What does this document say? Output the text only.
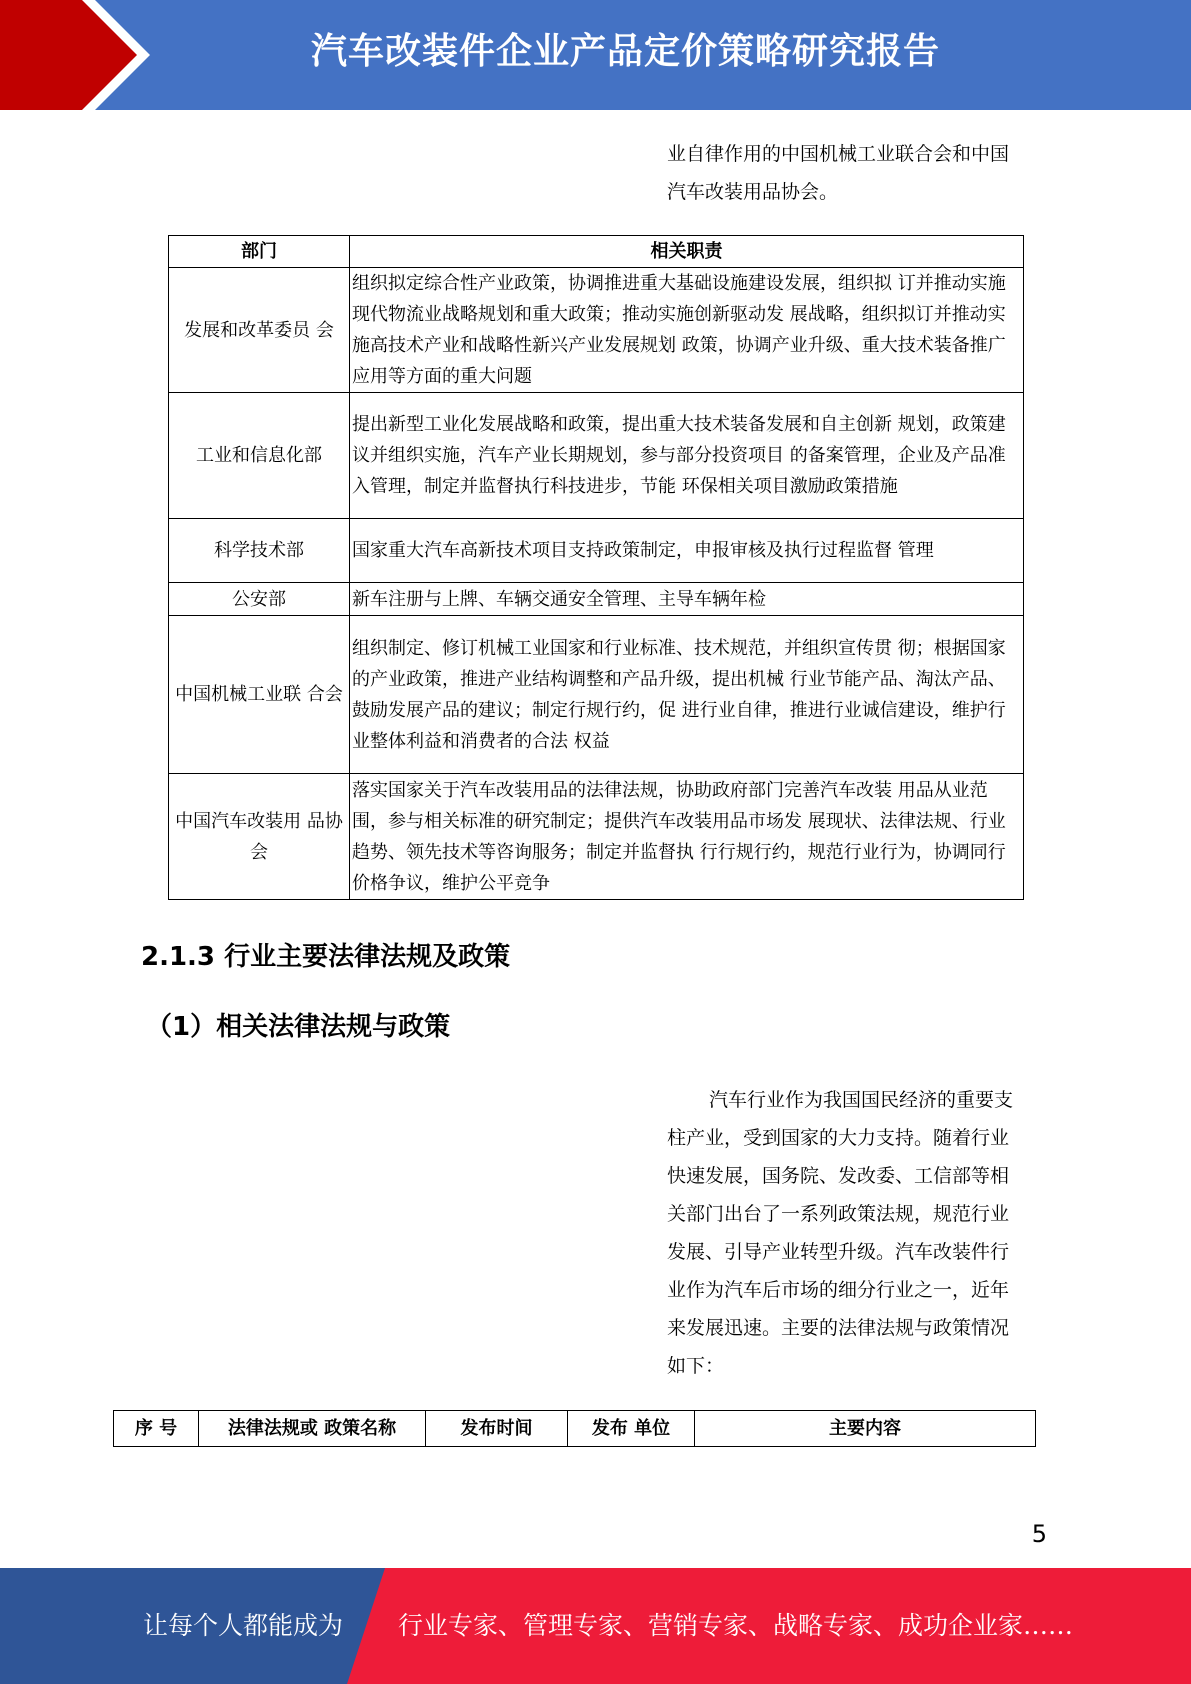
汽车改装件企业产品定价策略研究报告
业自律作用的中国机械工业联合会和中国
汽车改装用品协会。
部门	相关职责
发展和改革委员 会	组织拟定综合性产业政策，协调推进重大基础设施建设发展，组织拟 订并推动实施现代物流业战略规划和重大政策；推动实施创新驱动发 展战略，组织拟订并推动实施高技术产业和战略性新兴产业发展规划 政策，协调产业升级、重大技术装备推广应用等方面的重大问题
工业和信息化部	提出新型工业化发展战略和政策，提出重大技术装备发展和自主创新 规划，政策建议并组织实施，汽车产业长期规划，参与部分投资项目 的备案管理，企业及产品准入管理，制定并监督执行科技进步，节能 环保相关项目激励政策措施
科学技术部	国家重大汽车高新技术项目支持政策制定，申报审核及执行过程监督 管理
公安部	新车注册与上牌、车辆交通安全管理、主导车辆年检
中国机械工业联 合会	组织制定、修订机械工业国家和行业标准、技术规范，并组织宣传贯 彻；根据国家的产业政策，推进产业结构调整和产品升级，提出机械 行业节能产品、淘汰产品、鼓励发展产品的建议；制定行规行约，促 进行业自律，推进行业诚信建设，维护行业整体利益和消费者的合法 权益
中国汽车改装用 品协会	落实国家关于汽车改装用品的法律法规，协助政府部门完善汽车改装 用品从业范围，参与相关标准的研究制定；提供汽车改装用品市场发 展现状、法律法规、行业趋势、领先技术等咨询服务；制定并监督执 行行规行约，规范行业行为，协调同行价格争议，维护公平竞争
2.1.3 行业主要法律法规及政策
（1）相关法律法规与政策
汽车行业作为我国国民经济的重要支
柱产业，受到国家的大力支持。随着行业
快速发展，国务院、发改委、工信部等相
关部门出台了一系列政策法规，规范行业
发展、引导产业转型升级。汽车改装件行
业作为汽车后市场的细分行业之一，近年
来发展迅速。主要的法律法规与政策情况
如下：
序 号	法律法规或 政策名称	发布时间	发布 单位	主要内容
5
让每个人都能成为 行业专家、管理专家、营销专家、战略专家、成功企业家……
